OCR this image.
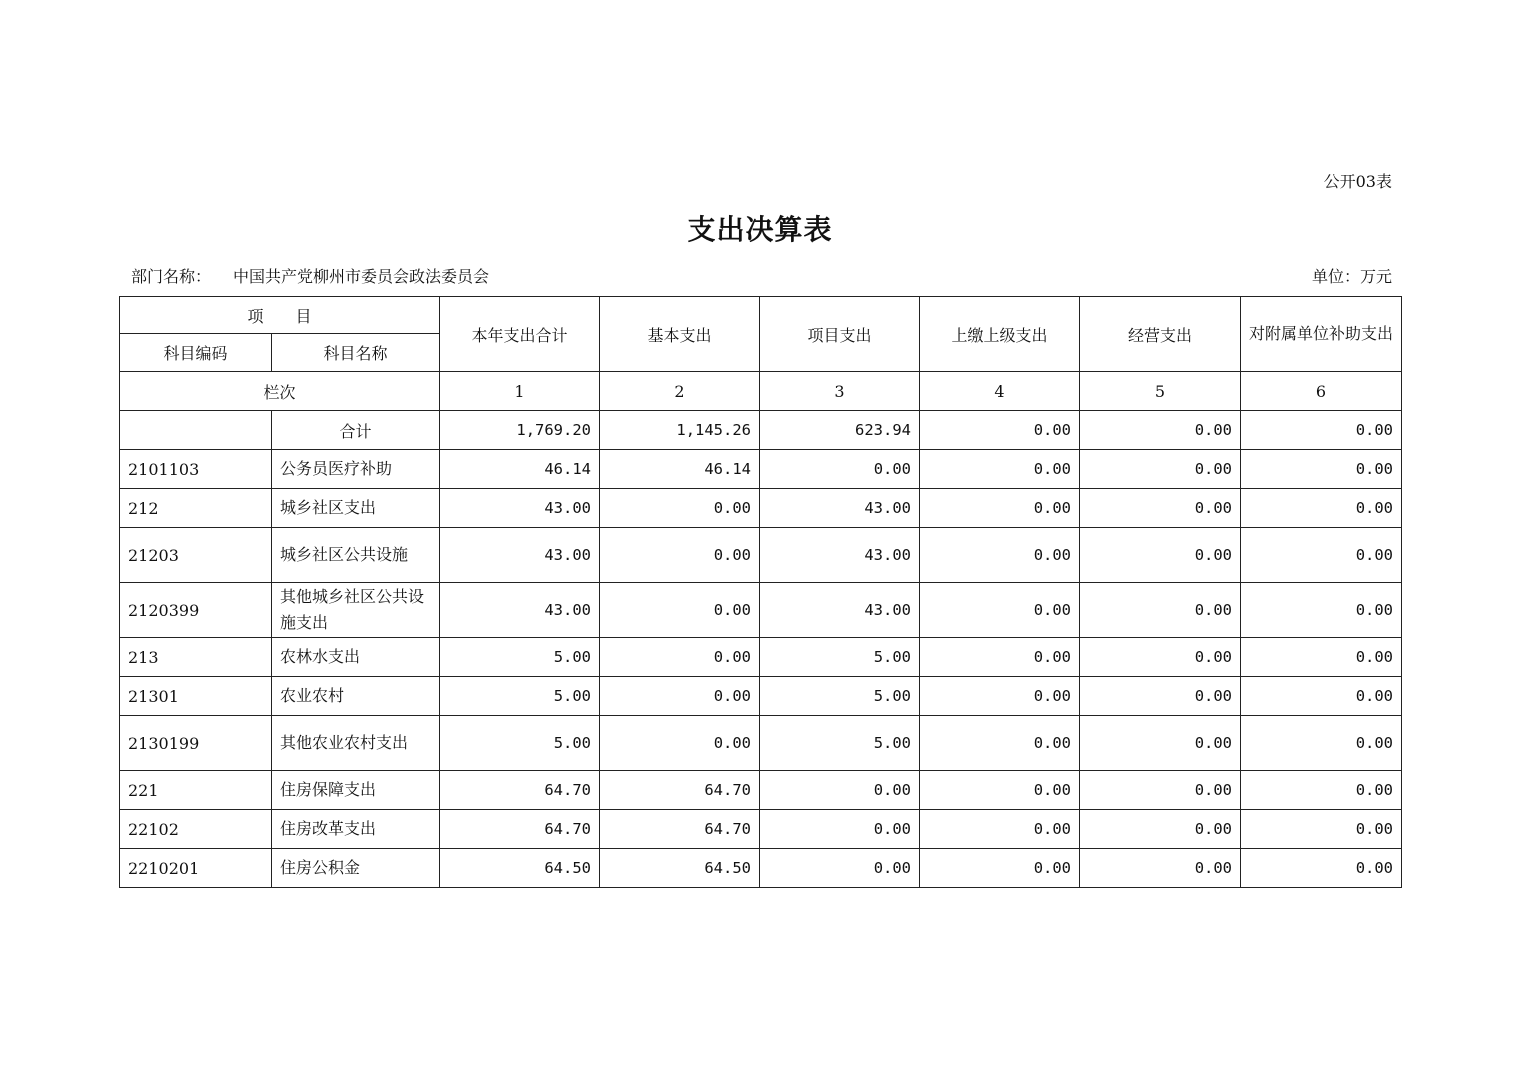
公开03表
支出决算表
部门名称： 中国共产党柳州市委员会政法委员会	单位：万元
项　　目		本年支出合计	基本支出	项目支出	上缴上级支出	经营支出	对附属单位补助支出
科目编码	科目名称						
栏次		1	2	3	4	5	6
	合计	1,769.20	1,145.26	623.94	0.00	0.00	0.00
2101103	公务员医疗补助	46.14	46.14	0.00	0.00	0.00	0.00
212	城乡社区支出	43.00	0.00	43.00	0.00	0.00	0.00
21203	城乡社区公共设施	43.00	0.00	43.00	0.00	0.00	0.00
2120399	其他城乡社区公共设施支出	43.00	0.00	43.00	0.00	0.00	0.00
213	农林水支出	5.00	0.00	5.00	0.00	0.00	0.00
21301	农业农村	5.00	0.00	5.00	0.00	0.00	0.00
2130199	其他农业农村支出	5.00	0.00	5.00	0.00	0.00	0.00
221	住房保障支出	64.70	64.70	0.00	0.00	0.00	0.00
22102	住房改革支出	64.70	64.70	0.00	0.00	0.00	0.00
2210201	住房公积金	64.50	64.50	0.00	0.00	0.00	0.00
